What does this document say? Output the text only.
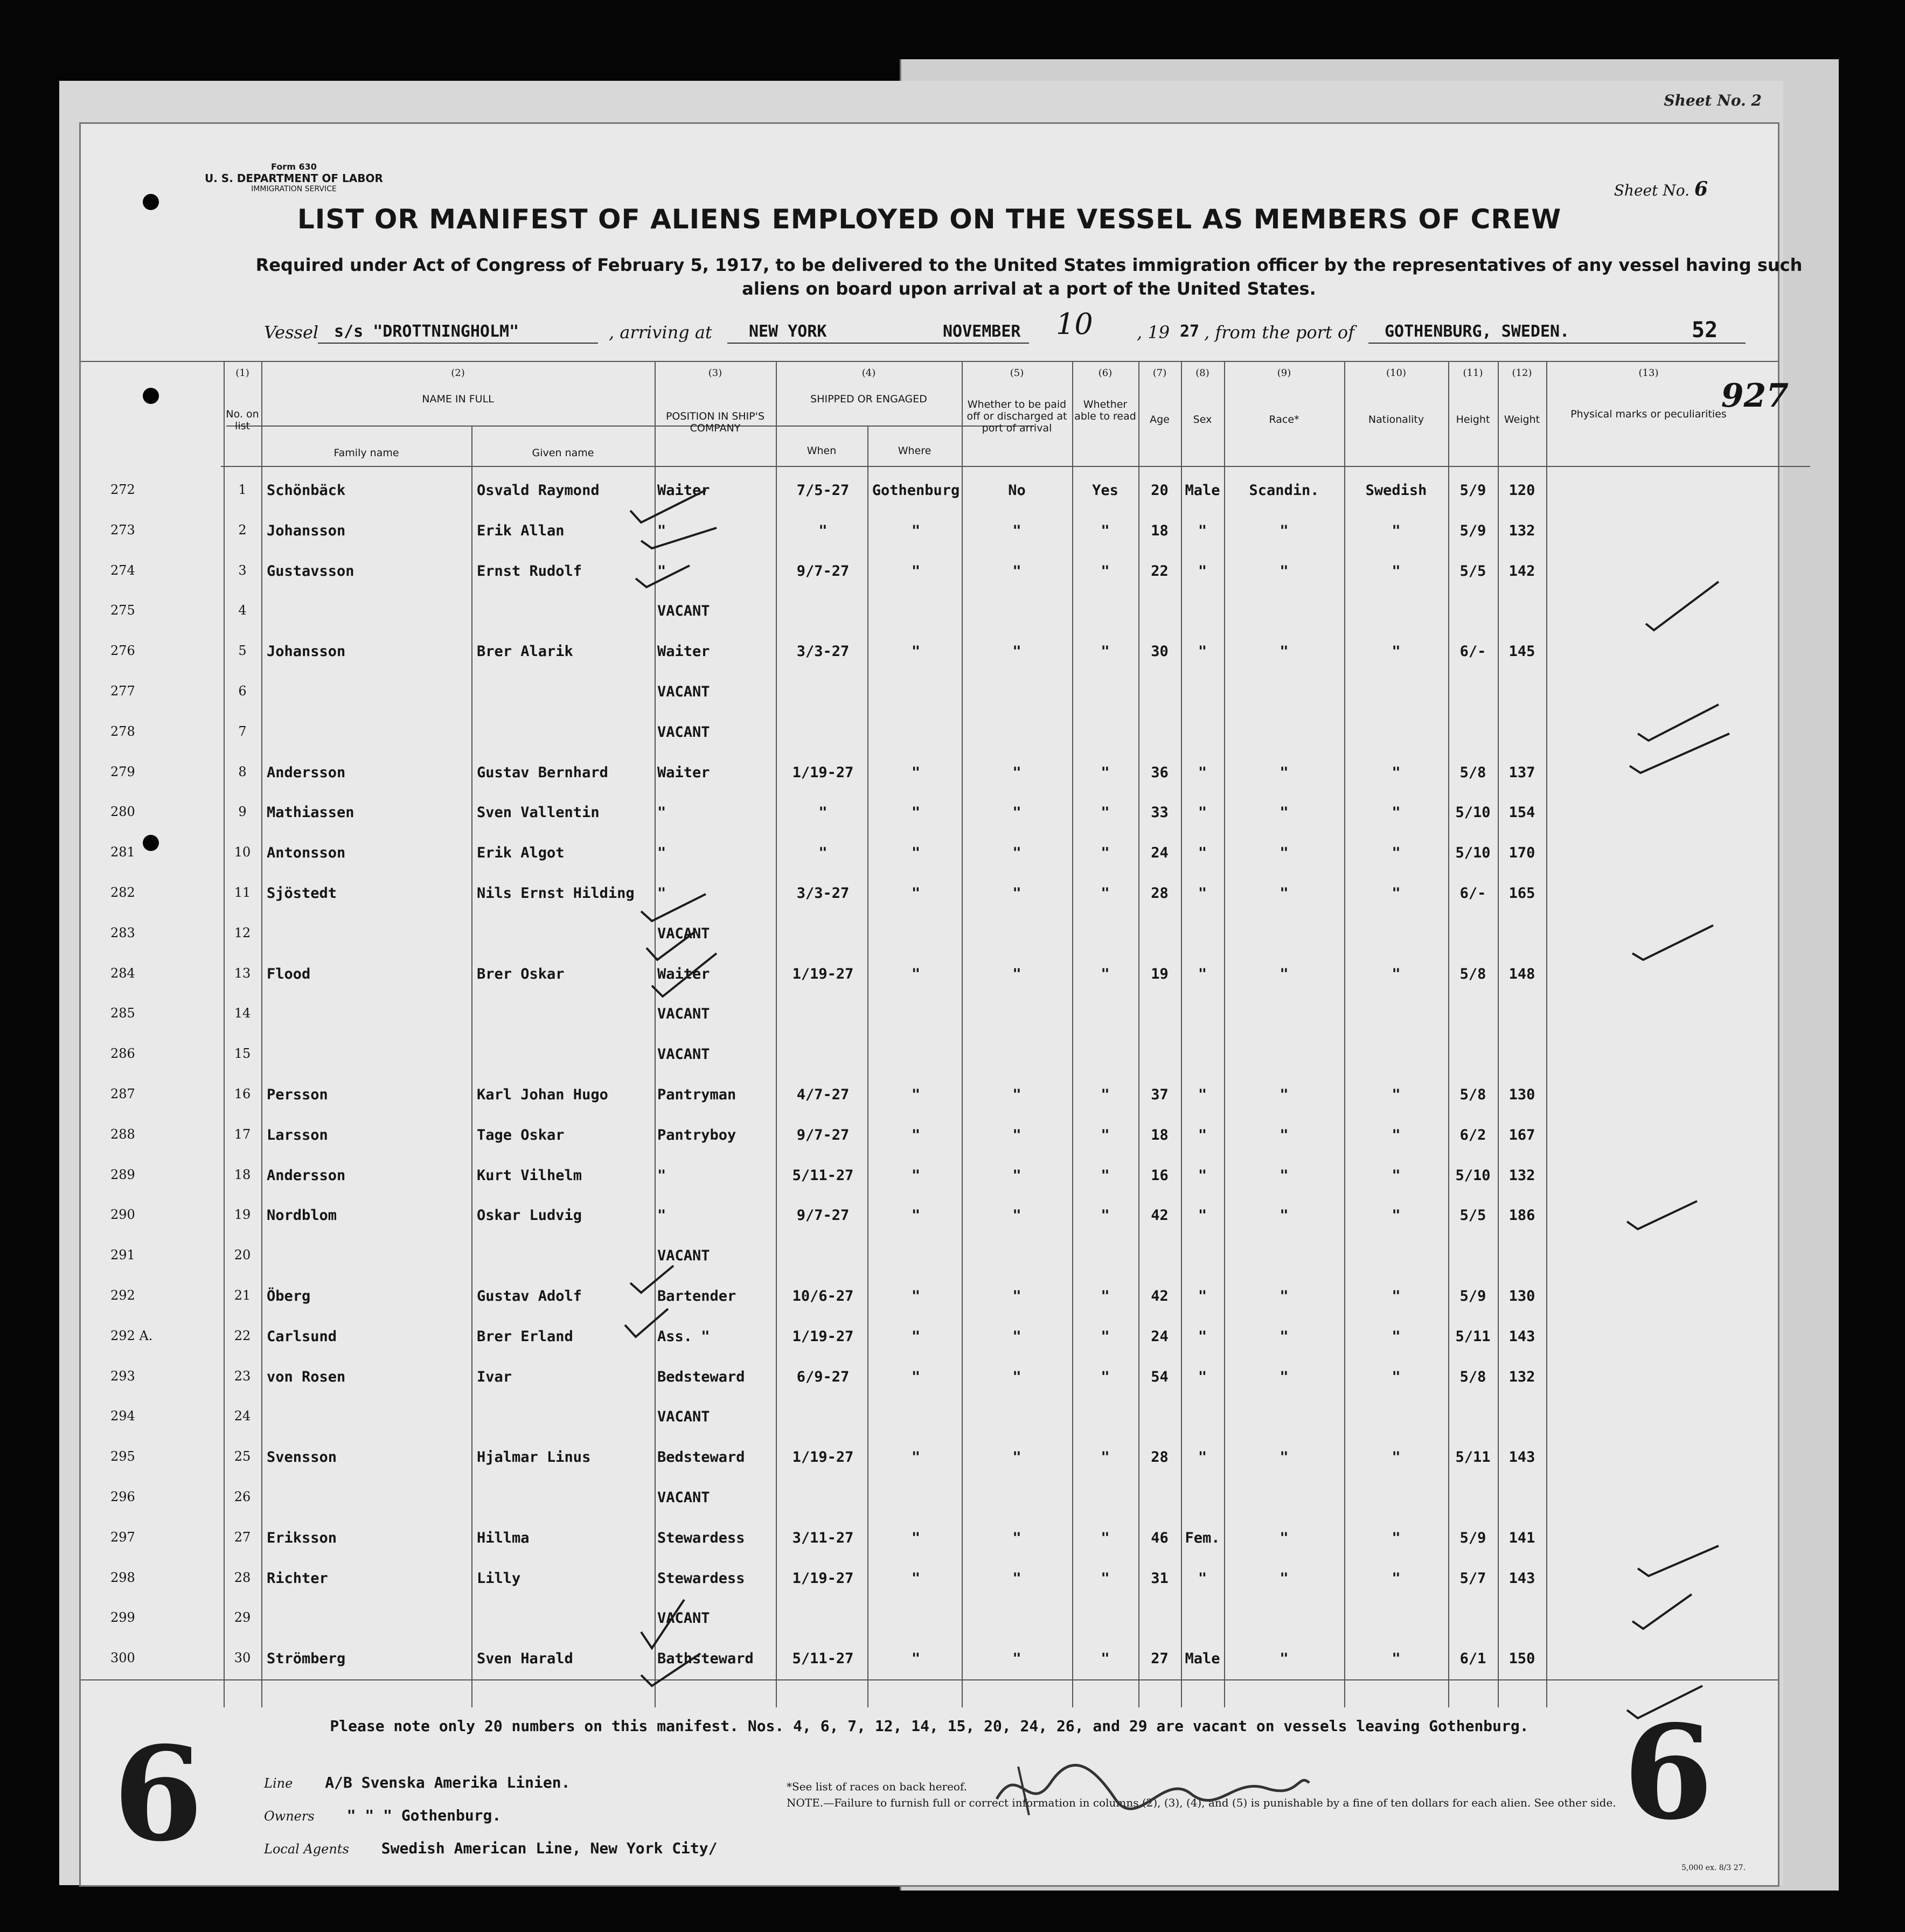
Sheet No. 2
Form 630
U. S. DEPARTMENT OF LABOR
IMMIGRATION SERVICE	Sheet No. 6
927
LIST OR MANIFEST OF ALIENS EMPLOYED ON THE VESSEL AS MEMBERS OF CREW
Required under Act of Congress of February 5, 1917, to be delivered to the United States immigration officer by the representatives of any vessel having such aliens on board upon arrival at a port of the United States.
Vessel s/s "DROTTNINGHOLM"	, arriving at NEW YORK	NOVEMBER 10	, 19 27 , from the port of GOTHENBURG, SWEDEN.	52
(1)
No. on list
(2)
NAME IN FULL
Family name	Given name
(3)
POSITION IN SHIP'S COMPANY
(4)
SHIPPED OR ENGAGED
When	Where
(5)
Whether to be paid off or discharged at port of arrival
(6)
Whether able to read
(7)
Age
(8)
Sex
(9)
Race*
(10)
Nationality
(11)
Height
(12)
Weight
(13)
Physical marks or peculiarities
272	1	Schönbäck	Osvald Raymond	Waiter	7/5-27	Gothenburg	No	Yes	20	Male	Scandin.	Swedish	5/9	120
273	2	Johansson	Erik Allan	"	"	"	"	"	18	"	"	"	5/9	132
274	3	Gustavsson	Ernst Rudolf	"	9/7-27	"	"	"	22	"	"	"	5/5	142
275	4	VACANT
276	5	Johansson	Brer Alarik	Waiter	3/3-27	"	"	"	30	"	"	"	6/-	145
277	6	VACANT
278	7	VACANT
279	8	Andersson	Gustav Bernhard	Waiter	1/19-27	"	"	"	36	"	"	"	5/8	137
280	9	Mathiassen	Sven Vallentin	"	"	"	"	"	33	"	"	"	5/10	154
281	10	Antonsson	Erik Algot	"	"	"	"	"	24	"	"	"	5/10	170
282	11	Sjöstedt	Nils Ernst Hilding	"	3/3-27	"	"	"	28	"	"	"	6/-	165
283	12	VACANT
284	13	Flood	Brer Oskar	Waiter	1/19-27	"	"	"	19	"	"	"	5/8	148
285	14	VACANT
286	15	VACANT
287	16	Persson	Karl Johan Hugo	Pantryman	4/7-27	"	"	"	37	"	"	"	5/8	130
288	17	Larsson	Tage Oskar	Pantryboy	9/7-27	"	"	"	18	"	"	"	6/2	167
289	18	Andersson	Kurt Vilhelm	"	5/11-27	"	"	"	16	"	"	"	5/10	132
290	19	Nordblom	Oskar Ludvig	"	9/7-27	"	"	"	42	"	"	"	5/5	186
291	20	VACANT
292	21	Öberg	Gustav Adolf	Bartender	10/6-27	"	"	"	42	"	"	"	5/9	130
292 A.	22	Carlsund	Brer Erland	Ass. "	1/19-27	"	"	"	24	"	"	"	5/11	143
293	23	von Rosen	Ivar	Bedsteward	6/9-27	"	"	"	54	"	"	"	5/8	132
294	24	VACANT
295	25	Svensson	Hjalmar Linus	Bedsteward	1/19-27	"	"	"	28	"	"	"	5/11	143
296	26	VACANT
297	27	Eriksson	Hillma	Stewardess	3/11-27	"	"	"	46	Fem.	"	"	5/9	141
298	28	Richter	Lilly	Stewardess	1/19-27	"	"	"	31	"	"	"	5/7	143
299	29	VACANT
300	30	Strömberg	Sven Harald	Bathsteward	5/11-27	"	"	"	27	Male	"	"	6/1	150
Please note only 20 numbers on this manifest. Nos. 4, 6, 7, 12, 14, 15, 20, 24, 26, and 29 are vacant on vessels leaving Gothenburg.
Line A/B Svenska Amerika Linien.
Owners " " " Gothenburg.
Local Agents Swedish American Line, New York City/
*See list of races on back hereof.
NOTE.—Failure to furnish full or correct information in columns (2), (3), (4), and (5) is punishable by a fine of ten dollars for each alien. See other side.
6	6
5,000 ex. 8/3 27.
